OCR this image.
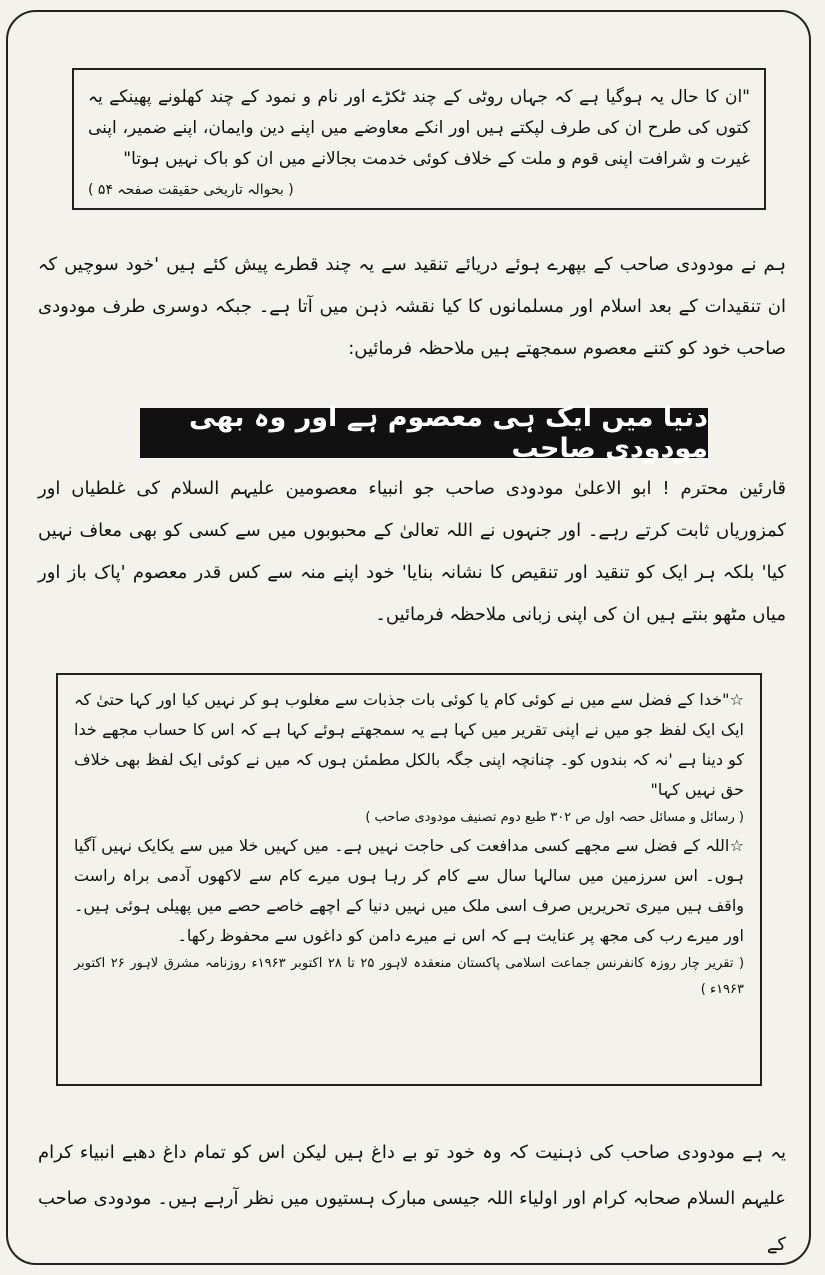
"ان کا حال یہ ہوگیا ہے کہ جہاں روٹی کے چند ٹکڑے اور نام و نمود کے چند کھلونے پھینکے یہ کتوں کی طرح ان کی طرف لپکتے ہیں اور انکے معاوضے میں اپنے دین وایمان، اپنے ضمیر، اپنی غیرت و شرافت اپنی قوم و ملت کے خلاف کوئی خدمت بجالانے میں ان کو باک نہیں ہوتا"

( بحوالہ تاریخی حقیقت صفحہ ۵۴ )

ہم نے مودودی صاحب کے بپھرے ہوئے دریائے تنقید سے یہ چند قطرے پیش کئے ہیں 'خود سوچیں کہ ان تنقیدات کے بعد اسلام اور مسلمانوں کا کیا نقشہ ذہن میں آتا ہے۔ جبکہ دوسری طرف مودودی صاحب خود کو کتنے معصوم سمجھتے ہیں ملاحظہ فرمائیں:

دنیا میں ایک ہی معصوم ہے اور وہ بھی مودودی صاحب

قارئین محترم ! ابو الاعلیٰ مودودی صاحب جو انبیاء معصومین علیہم السلام کی غلطیاں اور کمزوریاں ثابت کرتے رہے۔ اور جنہوں نے اللہ تعالیٰ کے محبوبوں میں سے کسی کو بھی معاف نہیں کیا' بلکہ ہر ایک کو تنقید اور تنقیص کا نشانہ بنایا' خود اپنے منہ سے کس قدر معصوم 'پاک باز اور میاں مٹھو بنتے ہیں ان کی اپنی زبانی ملاحظہ فرمائیں۔

☆"خدا کے فضل سے میں نے کوئی کام یا کوئی بات جذبات سے مغلوب ہو کر نہیں کیا اور کہا حتیٰ کہ ایک ایک لفظ جو میں نے اپنی تقریر میں کہا ہے یہ سمجھتے ہوئے کہا ہے کہ اس کا حساب مجھے خدا کو دینا ہے 'نہ کہ بندوں کو۔ چنانچہ اپنی جگہ بالکل مطمئن ہوں کہ میں نے کوئی ایک لفظ بھی خلاف حق نہیں کہا"

( رسائل و مسائل حصہ اول ص ۳۰۲ طبع دوم تصنیف مودودی صاحب )

☆اللہ کے فضل سے مجھے کسی مدافعت کی حاجت نہیں ہے۔ میں کہیں خلا میں سے یکایک نہیں آگیا ہوں۔ اس سرزمین میں سالہا سال سے کام کر رہا ہوں میرے کام سے لاکھوں آدمی براہ راست واقف ہیں میری تحریریں صرف اسی ملک میں نہیں دنیا کے اچھے خاصے حصے میں پھیلی ہوئی ہیں۔ اور میرے رب کی مجھ پر عنایت ہے کہ اس نے میرے دامن کو داغوں سے محفوظ رکھا۔

( تقریر چار روزہ کانفرنس جماعت اسلامی پاکستان منعقدہ لاہور ۲۵ تا ۲۸ اکتوبر ۱۹۶۳ء روزنامہ مشرق لاہور ۲۶ اکتوبر ۱۹۶۳ء )

یہ ہے مودودی صاحب کی ذہنیت کہ وہ خود تو بے داغ ہیں لیکن اس کو تمام داغ دھبے انبیاء کرام علیہم السلام صحابہ کرام اور اولیاء اللہ جیسی مبارک ہستیوں میں نظر آرہے ہیں۔ مودودی صاحب کے
